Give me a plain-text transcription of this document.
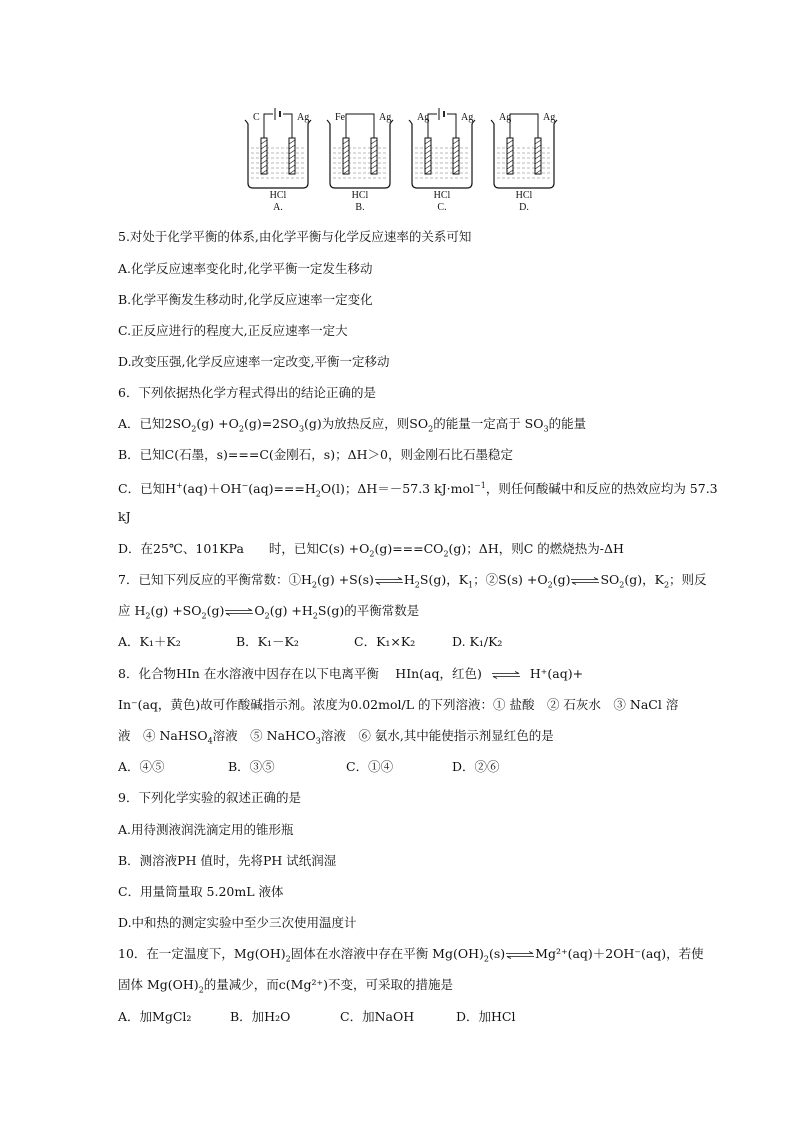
C	Ag
HCl
A.
Fe	Ag
HCl
B.
Ag	Ag
HCl
C.
Ag	Ag
HCl
D.
5.对处于化学平衡的体系,由化学平衡与化学反应速率的关系可知
A.化学反应速率变化时,化学平衡一定发生移动
B.化学平衡发生移动时,化学反应速率一定变化
C.正反应进行的程度大,正反应速率一定大
D.改变压强,化学反应速率一定改变,平衡一定移动
6．下列依据热化学方程式得出的结论正确的是
A．已知$2SO_2(g) +O_2(g)=2SO_3(g)$为放热反应，则$SO_2$的能量一定高于 $SO_3$的能量
B．已知C(石墨，s)===C(金刚石，s)；ΔH＞0，则金刚石比石墨稳定
C．已知$H^+(aq)+OH^-(aq)===H_2O(l)$；ΔH＝－57.3 kJ·mol$^{-1}$，则任何酸碱中和反应的热效应均为 57.3
kJ
D．在25℃、101KPa　　时，已知$C(s) +O_2(g)===CO_2(g)$；ΔH，则C 的燃烧热为-ΔH
7．已知下列反应的平衡常数：$①H_2(g)$ $+S(s)\rightleftharpoons H_2S(g)$，$K_1$；②S(s) $+O_2(g)\rightleftharpoons SO_2(g)$，$K_2$；则反
应 $H_2(g)$ $+SO_2(g)\rightleftharpoons O_2(g) +H_2S(g)$的平衡常数是
A．K₁＋K₂	B．K₁－K₂	C．K₁×K₂	D. K₁/K₂
8．化合物HIn 在水溶液中因存在以下电离平衡　 HIn(aq，红色) ⇌ H⁺(aq)+
In⁻(aq，黄色)故可作酸碱指示剂。浓度为0.02mol/L 的下列溶液：① 盐酸　② 石灰水　③ NaCl 溶
液　④ NaHSO$_4$溶液　⑤ NaHCO$_3$溶液　⑥ 氨水,其中能使指示剂显红色的是
A．④⑤	B．③⑤	C．①④	D．②⑥
9．下列化学实验的叙述正确的是
A.用待测液润洗滴定用的锥形瓶
B．测溶液PH 值时，先将PH 试纸润湿
C．用量筒量取 5.20mL 液体
D.中和热的测定实验中至少三次使用温度计
10．在一定温度下，$Mg(OH)_2$固体在水溶液中存在平衡 $Mg(OH)_2(s)\rightleftharpoons Mg^{2+}(aq)+2OH^-(aq)$，若使
固体 $Mg(OH)_2$的量减少，而c(Mg²⁺)不变，可采取的措施是
A．加MgCl₂	B．加H₂O	C．加NaOH	D．加HCl
